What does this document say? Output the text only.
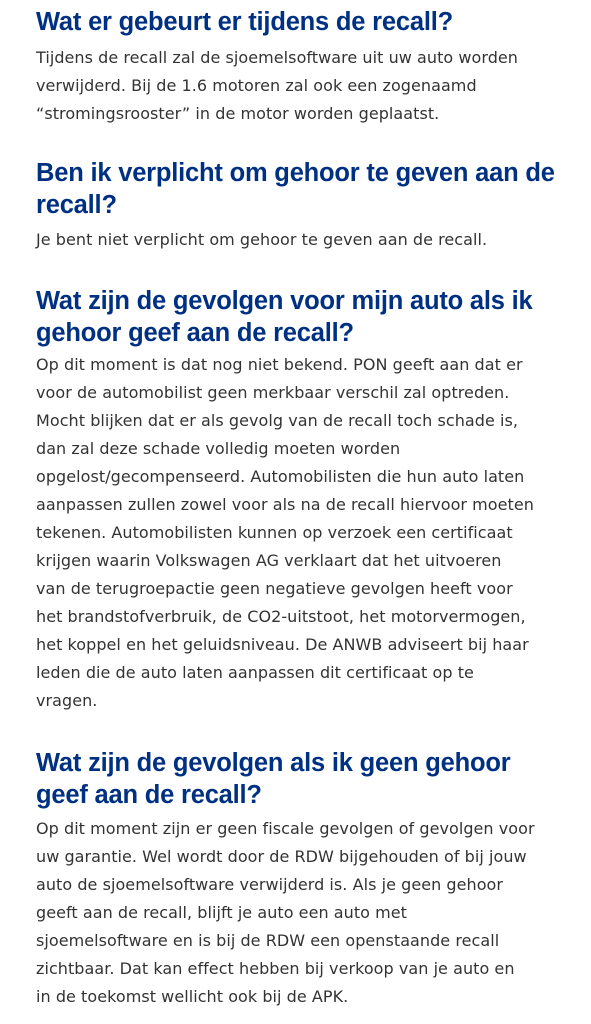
Wat er gebeurt er tijdens de recall?
Tijdens de recall zal de sjoemelsoftware uit uw auto worden
verwijderd. Bij de 1.6 motoren zal ook een zogenaamd
“stromingsrooster” in de motor worden geplaatst.
Ben ik verplicht om gehoor te geven aan de
recall?
Je bent niet verplicht om gehoor te geven aan de recall.
Wat zijn de gevolgen voor mijn auto als ik
gehoor geef aan de recall?
Op dit moment is dat nog niet bekend. PON geeft aan dat er
voor de automobilist geen merkbaar verschil zal optreden.
Mocht blijken dat er als gevolg van de recall toch schade is,
dan zal deze schade volledig moeten worden
opgelost/gecompenseerd. Automobilisten die hun auto laten
aanpassen zullen zowel voor als na de recall hiervoor moeten
tekenen. Automobilisten kunnen op verzoek een certificaat
krijgen waarin Volkswagen AG verklaart dat het uitvoeren
van de terugroepactie geen negatieve gevolgen heeft voor
het brandstofverbruik, de CO2-uitstoot, het motorvermogen,
het koppel en het geluidsniveau. De ANWB adviseert bij haar
leden die de auto laten aanpassen dit certificaat op te
vragen.
Wat zijn de gevolgen als ik geen gehoor
geef aan de recall?
Op dit moment zijn er geen fiscale gevolgen of gevolgen voor
uw garantie. Wel wordt door de RDW bijgehouden of bij jouw
auto de sjoemelsoftware verwijderd is. Als je geen gehoor
geeft aan de recall, blijft je auto een auto met
sjoemelsoftware en is bij de RDW een openstaande recall
zichtbaar. Dat kan effect hebben bij verkoop van je auto en
in de toekomst wellicht ook bij de APK.
